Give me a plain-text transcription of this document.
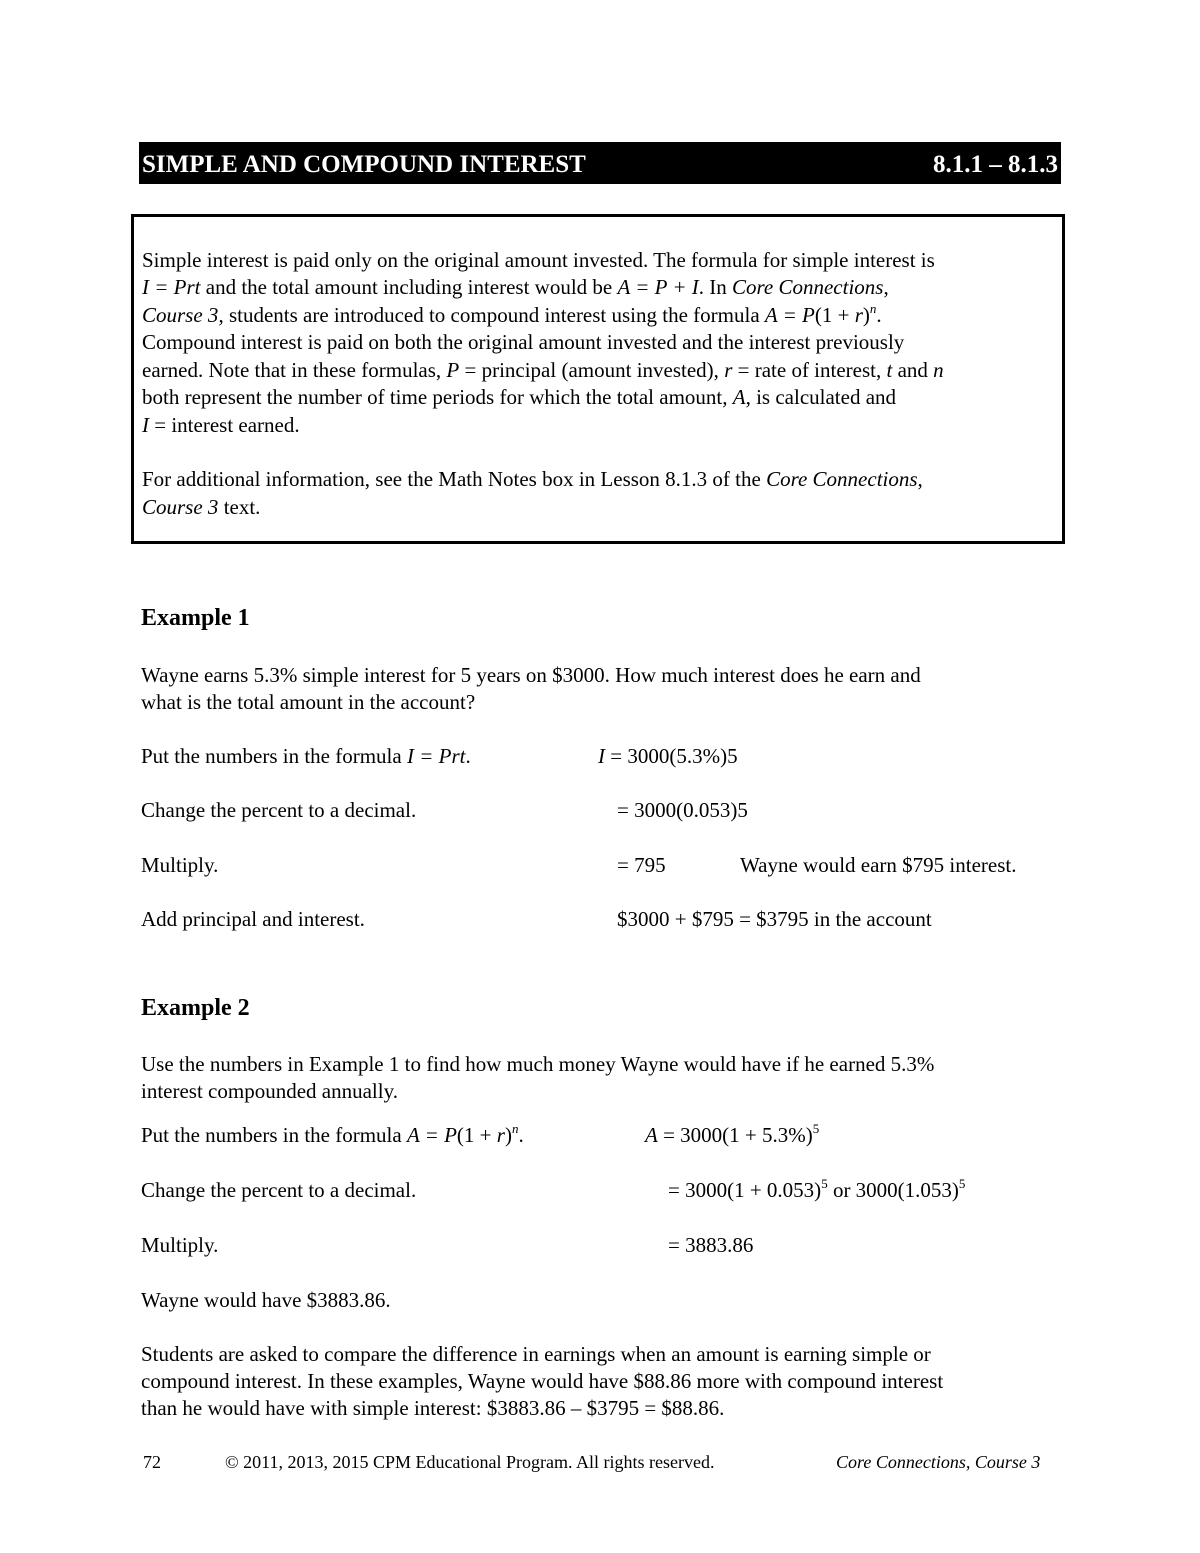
SIMPLE AND COMPOUND INTEREST	8.1.1 – 8.1.3
Simple interest is paid only on the original amount invested. The formula for simple interest is
I = Prt and the total amount including interest would be A = P + I. In Core Connections,
Course 3, students are introduced to compound interest using the formula $A = P(1 + r)^n$.
Compound interest is paid on both the original amount invested and the interest previously
earned. Note that in these formulas, P = principal (amount invested), r = rate of interest, t and n
both represent the number of time periods for which the total amount, A, is calculated and
I = interest earned.
For additional information, see the Math Notes box in Lesson 8.1.3 of the Core Connections,
Course 3 text.
Example 1
Wayne earns 5.3% simple interest for 5 years on $3000. How much interest does he earn and
what is the total amount in the account?
Put the numbers in the formula I = Prt.	I = 3000(5.3%)5
Change the percent to a decimal.	= 3000(0.053)5
Multiply.	= 795	Wayne would earn $795 interest.
Add principal and interest.	$3000 + $795 = $3795 in the account
Example 2
Use the numbers in Example 1 to find how much money Wayne would have if he earned 5.3%
interest compounded annually.
Put the numbers in the formula $A = P(1 + r)^n$.	$A = 3000(1 + 5.3\%)^5$
Change the percent to a decimal.	= $3000(1 + 0.053)^5$ or $3000(1.053)^5$
Multiply.	= 3883.86
Wayne would have $3883.86.
Students are asked to compare the difference in earnings when an amount is earning simple or
compound interest. In these examples, Wayne would have $88.86 more with compound interest
than he would have with simple interest: $3883.86 – $3795 = $88.86.
72	© 2011, 2013, 2015 CPM Educational Program. All rights reserved.	Core Connections, Course 3
